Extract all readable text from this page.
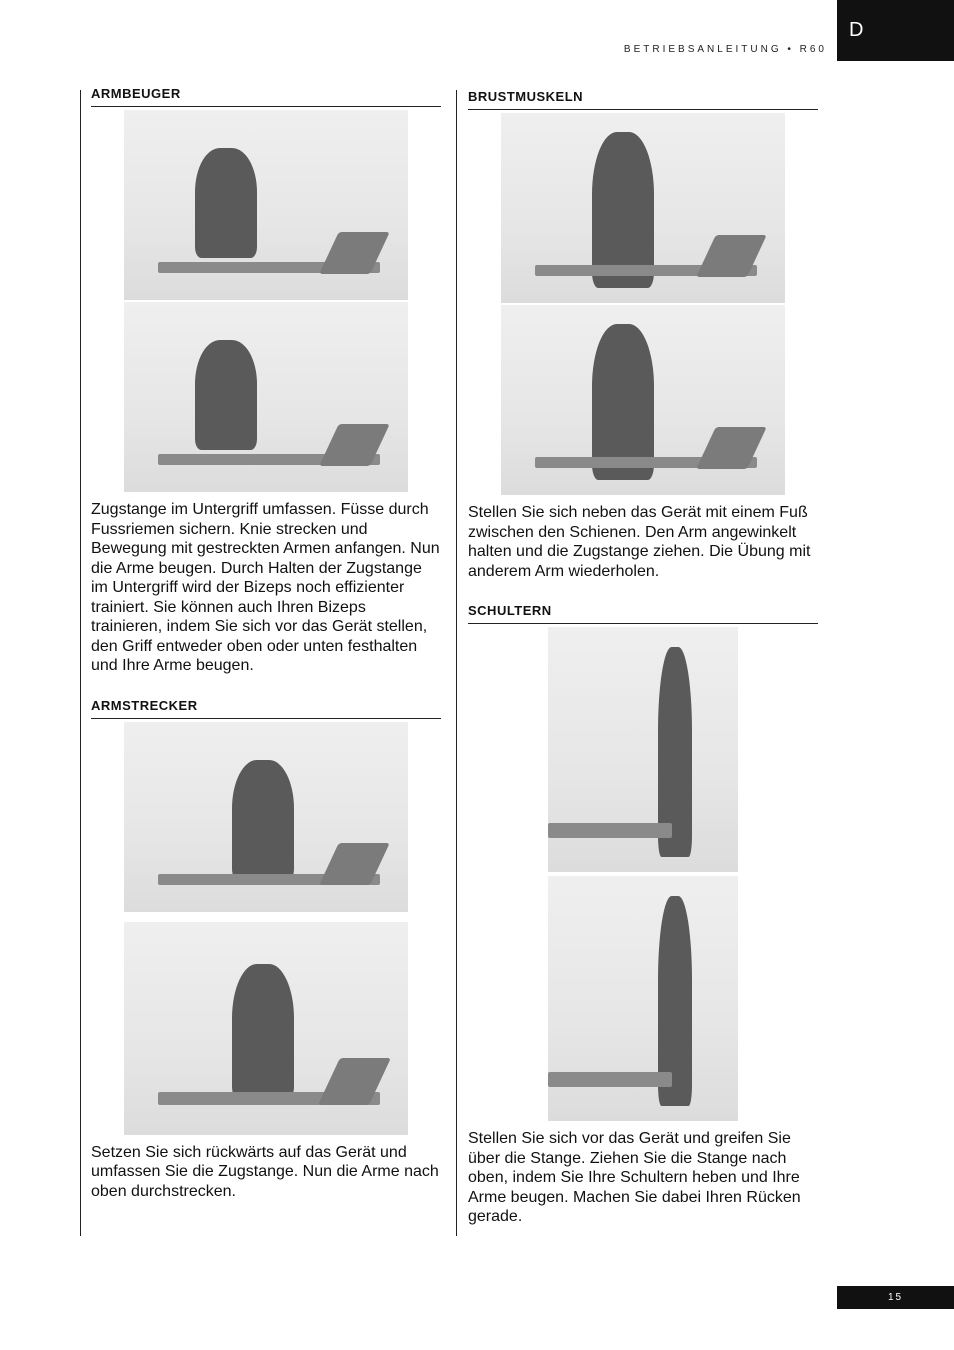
BETRIEBSANLEITUNG • R60
D
ARMBEUGER
Zugstange im Untergriff umfassen. Füsse durch Fussriemen sichern. Knie strecken und Bewegung mit gestreckten Armen anfangen. Nun die Arme beugen. Durch Halten der Zugstange im Untergriff wird der Bizeps noch effizienter trainiert. Sie können auch Ihren Bizeps trainieren, indem Sie sich vor das Gerät stellen, den Griff entweder oben oder unten festhalten und Ihre Arme beugen.
ARMSTRECKER
Setzen Sie sich rückwärts auf das Gerät und umfassen Sie die Zugstange. Nun die Arme nach oben durchstrecken.
BRUSTMUSKELN
Stellen Sie sich neben das Gerät mit einem Fuß zwischen den Schienen. Den Arm angewinkelt halten und die Zugstange ziehen. Die Übung mit anderem Arm wiederholen.
SCHULTERN
Stellen Sie sich vor das Gerät und greifen Sie über die Stange. Ziehen Sie die Stange nach oben, indem Sie Ihre Schultern heben und Ihre Arme beugen. Machen Sie dabei Ihren Rücken gerade.
15
